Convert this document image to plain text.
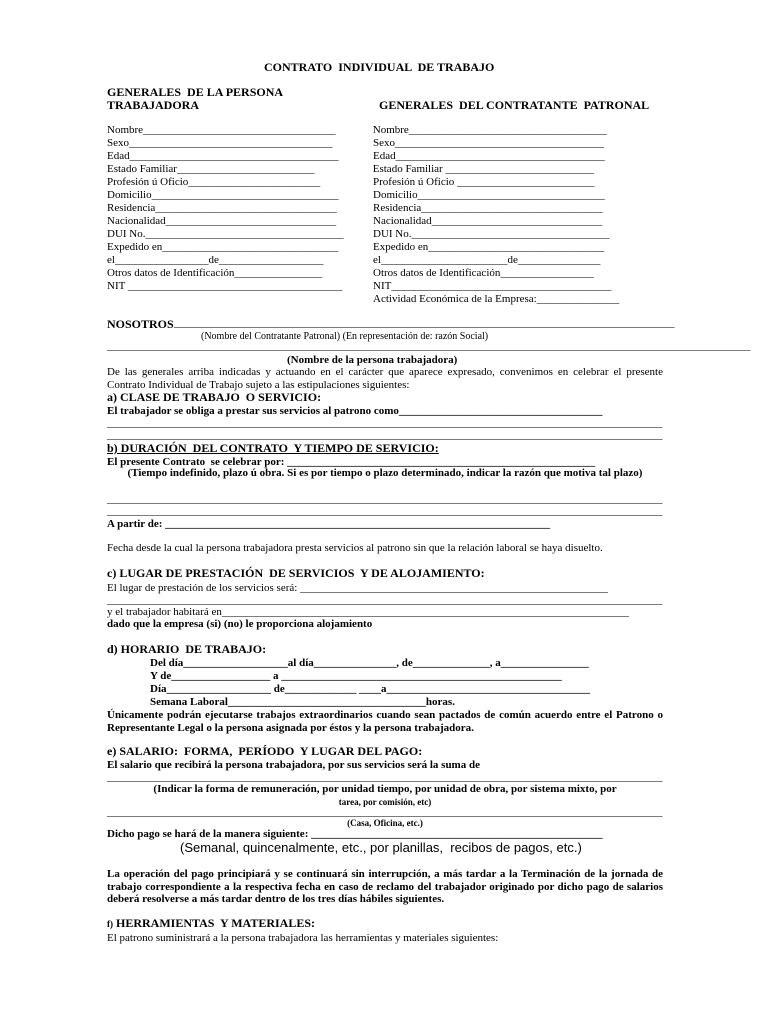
CONTRATO  INDIVIDUAL  DE TRABAJO
GENERALES  DE LA PERSONA
TRABAJADORA	GENERALES  DEL CONTRATANTE  PATRONAL
Nombre___________________________________
Sexo_____________________________________
Edad______________________________________
Estado Familiar_________________________
Profesión ú Oficio________________________
Domicilio__________________________________
Residencia_________________________________
Nacionalidad_______________________________
DUI No.____________________________________
Expedido en________________________________
el_________________de___________________
Otros datos de Identificación________________
NIT _______________________________________
Nombre____________________________________
Sexo______________________________________
Edad______________________________________
Estado Familiar ___________________________
Profesión ú Oficio _________________________
Domicilio__________________________________
Residencia_________________________________
Nacionalidad_______________________________
DUI No.____________________________________
Expedido en________________________________
el_______________________de_______________
Otros datos de Identificación_________________
NIT________________________________________
Actividad Económica de la Empresa:_______________
NOSOTROS ___________________________________________________________________________________________
(Nombre del Contratante Patronal) (En representación de: razón Social)
_____________________________________________________________________________________________________________________
(Nombre de la persona trabajadora)
De las generales arriba indicadas y actuando en el carácter que aparece expresado, convenimos en celebrar el presente Contrato Individual de Trabajo sujeto a las estipulaciones siguientes:
a) CLASE DE TRABAJO  O SERVICIO:
El trabajador se obliga a prestar sus servicios al patrono como_____________________________________
_____________________________________________________________________________________________________
_____________________________________________________________________________________________________
b) DURACIÓN  DEL CONTRATO  Y TIEMPO DE SERVICIO:
El presente Contrato  se celebrar por: ________________________________________________________
(Tiempo indefinido, plazo ú obra. Si es por tiempo o plazo determinado, indicar la razón que motiva tal plazo)
_____________________________________________________________________________________________________
_____________________________________________________________________________________________________
A partir de: ______________________________________________________________________
Fecha desde la cual la persona trabajadora presta servicios al patrono sin que la relación laboral se haya disuelto.
c) LUGAR DE PRESTACIÓN  DE SERVICIOS  Y DE ALOJAMIENTO:
El lugar de prestación de los servicios será: ________________________________________________________
_____________________________________________________________________________________________________
y el trabajador habitará en__________________________________________________________________________
dado que la empresa (si) (no) le proporciona alojamiento
d) HORARIO  DE TRABAJO:
Del día___________________al día_______________, de______________, a________________
Y de__________________ a ___________________________________________________
Día___________________ de_____________ ____a_____________________________________
Semana Laboral____________________________________horas.
Únicamente podrán ejecutarse trabajos extraordinarios cuando sean pactados de común acuerdo entre el Patrono o Representante Legal o la persona asignada por éstos y la persona trabajadora.
e) SALARIO:  FORMA,  PERÍODO  Y LUGAR DEL PAGO:
El salario que recibirá la persona trabajadora, por sus servicios será la suma de
_____________________________________________________________________________________________________
(Indicar la forma de remuneración, por unidad tiempo, por unidad de obra, por sistema mixto, por
tarea, por comisión, etc)
_____________________________________________________________________________________________________
(Casa, Oficina, etc.)
Dicho pago se hará de la manera siguiente: _____________________________________________________
(Semanal, quincenalmente, etc., por planillas,  recibos de pagos, etc.)
La operación del pago principiará y se continuará sin interrupción, a más tardar a la Terminación de la jornada de trabajo correspondiente a la respectiva fecha en caso de reclamo del trabajador originado por dicho pago de salarios deberá resolverse a más tardar dentro de los tres días hábiles siguientes.
f) HERRAMIENTAS  Y MATERIALES:
El patrono suministrará a la persona trabajadora las herramientas y materiales siguientes:
